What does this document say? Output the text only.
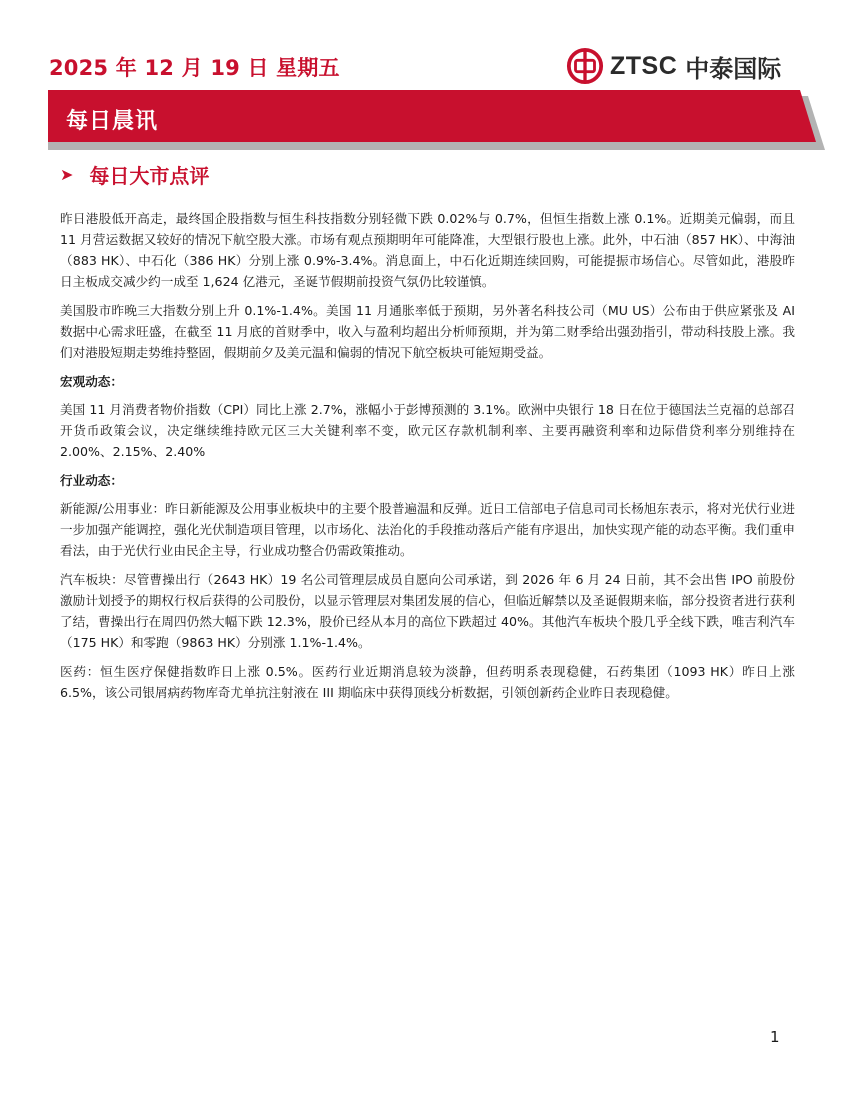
2025 年 12 月 19 日 星期五	ZTSC 中泰国际
每日晨讯
➤ 每日大市点评

昨日港股低开高走，最终国企股指数与恒生科技指数分别轻微下跌 0.02%与 0.7%，但恒生指数上涨 0.1%。近期美元偏弱，而且 11 月营运数据又较好的情况下航空股大涨。市场有观点预期明年可能降准，大型银行股也上涨。此外，中石油（857 HK）、中海油（883 HK）、中石化（386 HK）分别上涨 0.9%-3.4%。消息面上，中石化近期连续回购，可能提振市场信心。尽管如此，港股昨日主板成交减少约一成至 1,624 亿港元，圣诞节假期前投资气氛仍比较谨慎。

美国股市昨晚三大指数分别上升 0.1%-1.4%。美国 11 月通胀率低于预期，另外著名科技公司（MU US）公布由于供应紧张及 AI 数据中心需求旺盛，在截至 11 月底的首财季中，收入与盈利均超出分析师预期，并为第二财季给出强劲指引，带动科技股上涨。我们对港股短期走势维持整固，假期前夕及美元温和偏弱的情况下航空板块可能短期受益。

宏观动态：

美国 11 月消费者物价指数（CPI）同比上涨 2.7%，涨幅小于彭博预测的 3.1%。欧洲中央银行 18 日在位于德国法兰克福的总部召开货币政策会议，决定继续维持欧元区三大关键利率不变，欧元区存款机制利率、主要再融资利率和边际借贷利率分别维持在 2.00%、2.15%、2.40%

行业动态：

新能源/公用事业：昨日新能源及公用事业板块中的主要个股普遍温和反弹。近日工信部电子信息司司长杨旭东表示，将对光伏行业进一步加强产能调控，强化光伏制造项目管理，以市场化、法治化的手段推动落后产能有序退出，加快实现产能的动态平衡。我们重申看法，由于光伏行业由民企主导，行业成功整合仍需政策推动。

汽车板块：尽管曹操出行（2643 HK）19 名公司管理层成员自愿向公司承诺，到 2026 年 6 月 24 日前，其不会出售 IPO 前股份激励计划授予的期权行权后获得的公司股份，以显示管理层对集团发展的信心，但临近解禁以及圣诞假期来临，部分投资者进行获利了结，曹操出行在周四仍然大幅下跌 12.3%，股价已经从本月的高位下跌超过 40%。其他汽车板块个股几乎全线下跌，唯吉利汽车（175 HK）和零跑（9863 HK）分别涨 1.1%-1.4%。

医药：恒生医疗保健指数昨日上涨 0.5%。医药行业近期消息较为淡静，但药明系表现稳健，石药集团（1093 HK）昨日上涨 6.5%，该公司银屑病药物库奇尤单抗注射液在 III 期临床中获得顶线分析数据，引领创新药企业昨日表现稳健。

1
